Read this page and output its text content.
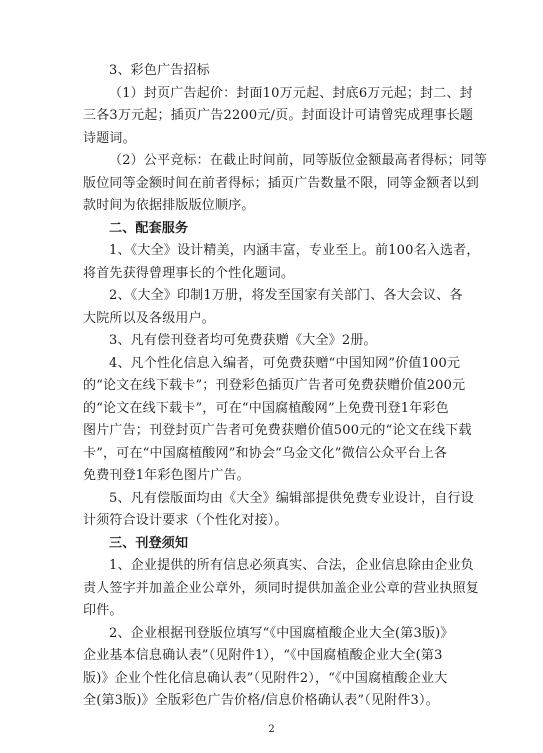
3、彩色广告招标
（1）封页广告起价：封面10万元起、封底6万元起；封二、封
三各3万元起；插页广告2200元/页。封面设计可请曾宪成理事长题
诗题词。
（2）公平竞标：在截止时间前，同等版位金额最高者得标；同等
版位同等金额时间在前者得标；插页广告数量不限，同等金额者以到
款时间为依据排版版位顺序。
二、配套服务
1、《大全》设计精美，内涵丰富，专业至上。前100名入选者，
将首先获得曾理事长的个性化题词。
2、《大全》印制1万册，将发至国家有关部门、各大会议、各
大院所以及各级用户。
3、凡有偿刊登者均可免费获赠《大全》2册。
4、凡个性化信息入编者，可免费获赠“中国知网”价值100元
的“论文在线下载卡”；刊登彩色插页广告者可免费获赠价值200元
的“论文在线下载卡”，可在“中国腐植酸网”上免费刊登1年彩色
图片广告；刊登封页广告者可免费获赠价值500元的“论文在线下载
卡”，可在“中国腐植酸网”和协会“乌金文化”微信公众平台上各
免费刊登1年彩色图片广告。
5、凡有偿版面均由《大全》编辑部提供免费专业设计，自行设
计须符合设计要求（个性化对接）。
三、刊登须知
1、企业提供的所有信息必须真实、合法，企业信息除由企业负
责人签字并加盖企业公章外，须同时提供加盖企业公章的营业执照复
印件。
2、企业根据刊登版位填写“《中国腐植酸企业大全(第3版)》
企业基本信息确认表”（见附件1），“《中国腐植酸企业大全(第3
版)》企业个性化信息确认表”（见附件2），“《中国腐植酸企业大
全(第3版)》全版彩色广告价格/信息价格确认表”（见附件3）。
2
